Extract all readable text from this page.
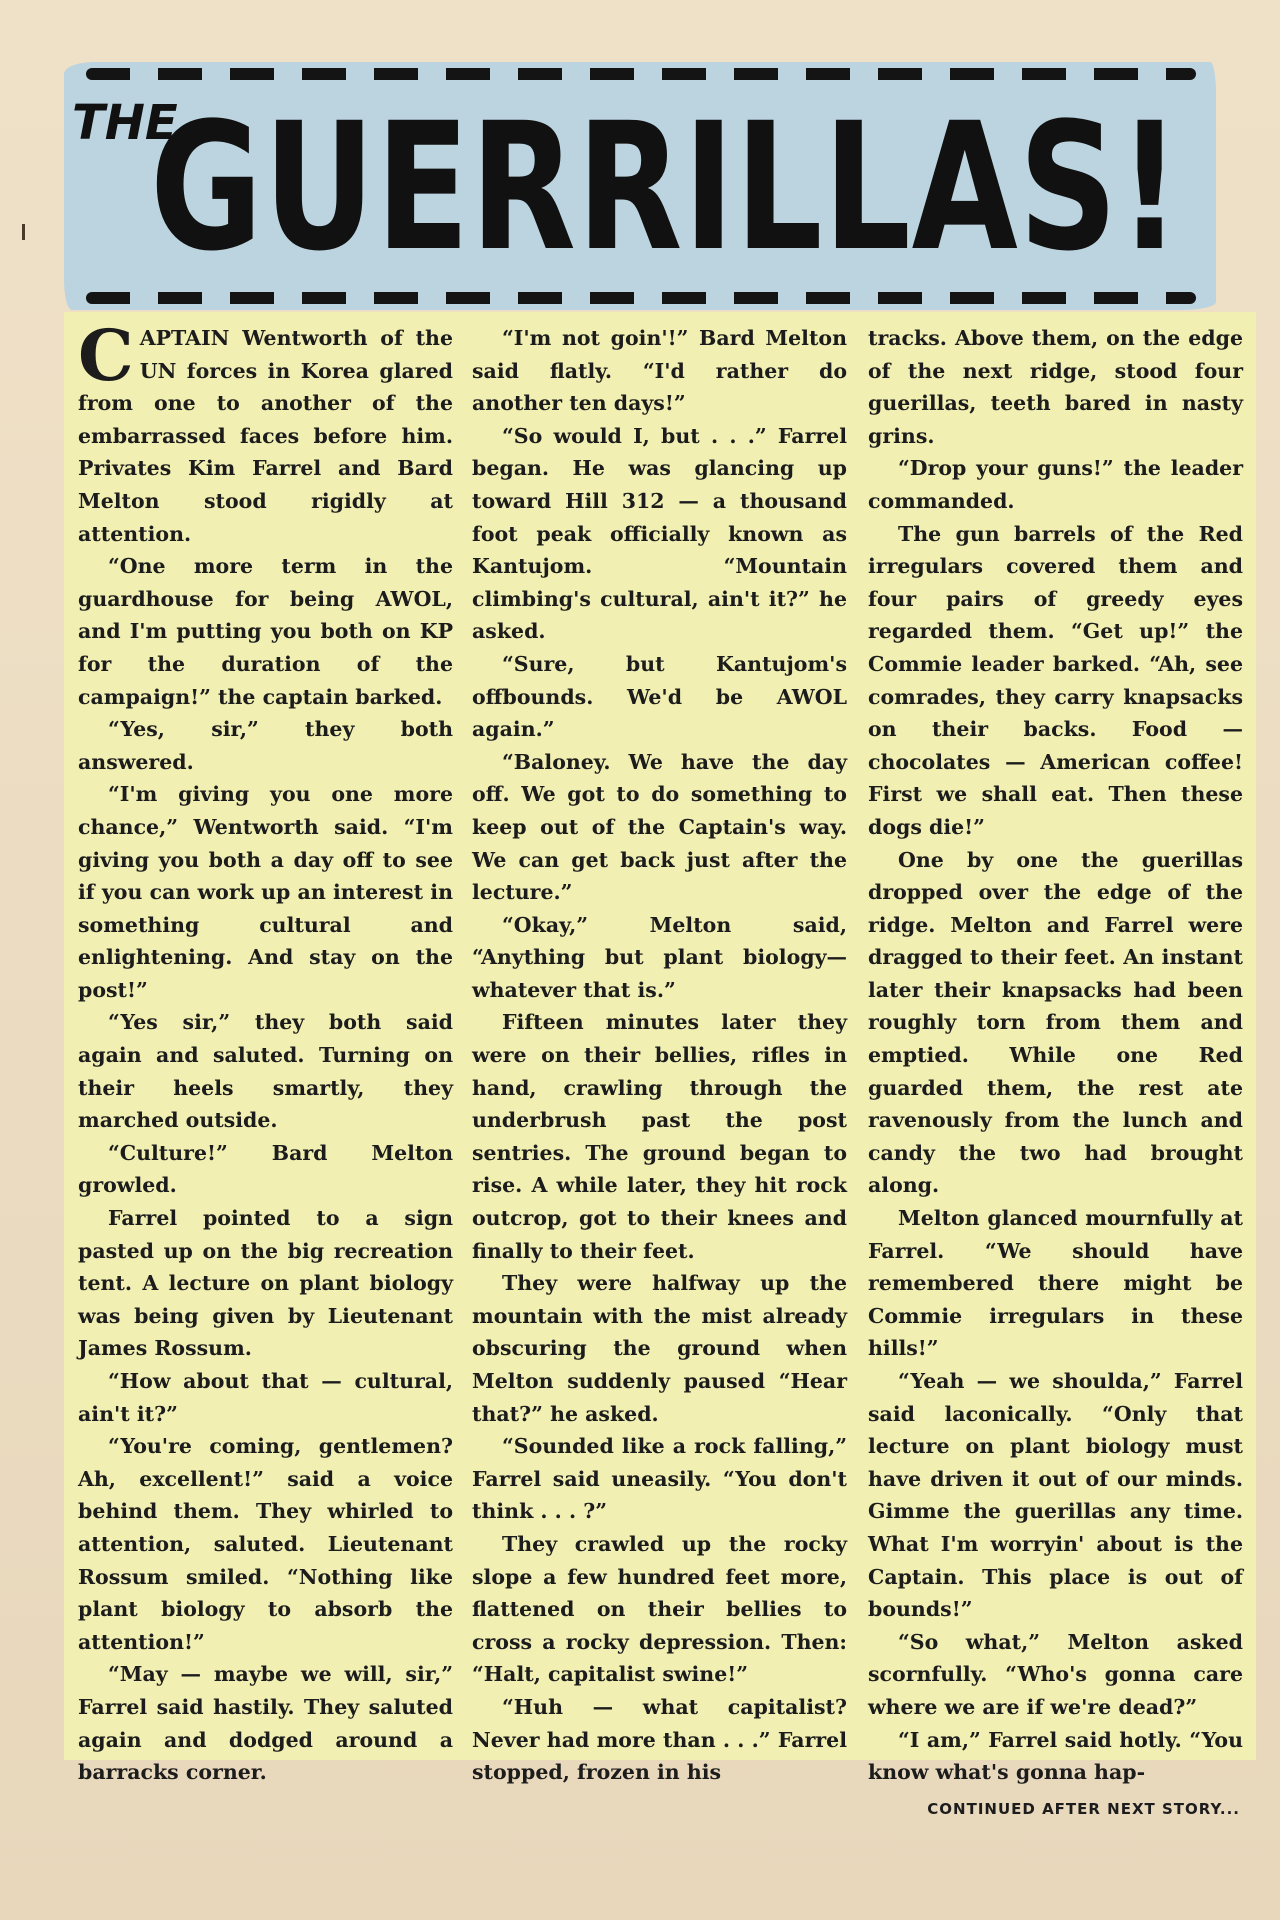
THE
GUERRILLAS!

CAPTAIN Wentworth of the UN forces in Korea glared from one to another of the embarrassed faces before him. Privates Kim Farrel and Bard Melton stood rigidly at attention.

“One more term in the guardhouse for being AWOL, and I'm putting you both on KP for the duration of the campaign!” the captain barked.

“Yes, sir,” they both answered.

“I'm giving you one more chance,” Wentworth said. “I'm giving you both a day off to see if you can work up an interest in something cultural and enlightening. And stay on the post!”

“Yes sir,” they both said again and saluted. Turning on their heels smartly, they marched outside.

“Culture!” Bard Melton growled.

Farrel pointed to a sign pasted up on the big recreation tent. A lecture on plant biology was being given by Lieutenant James Rossum.

“How about that — cultural, ain't it?”

“You're coming, gentlemen? Ah, excellent!” said a voice behind them. They whirled to attention, saluted. Lieutenant Rossum smiled. “Nothing like plant biology to absorb the attention!”

“May — maybe we will, sir,” Farrel said hastily. They saluted again and dodged around a barracks corner.

“I'm not goin'!” Bard Melton said flatly. “I'd rather do another ten days!”

“So would I, but . . .” Farrel began. He was glancing up toward Hill 312 — a thousand foot peak officially known as Kantujom. “Mountain climbing's cultural, ain't it?” he asked.

“Sure, but Kantujom's offbounds. We'd be AWOL again.”

“Baloney. We have the day off. We got to do something to keep out of the Captain's way. We can get back just after the lecture.”

“Okay,” Melton said, “Anything but plant biology—whatever that is.”

Fifteen minutes later they were on their bellies, rifles in hand, crawling through the underbrush past the post sentries. The ground began to rise. A while later, they hit rock outcrop, got to their knees and finally to their feet.

They were halfway up the mountain with the mist already obscuring the ground when Melton suddenly paused “Hear that?” he asked.

“Sounded like a rock falling,” Farrel said uneasily. “You don't think . . . ?”

They crawled up the rocky slope a few hundred feet more, flattened on their bellies to cross a rocky depression. Then: “Halt, capitalist swine!”

“Huh — what capitalist? Never had more than . . .” Farrel stopped, frozen in his

tracks. Above them, on the edge of the next ridge, stood four guerillas, teeth bared in nasty grins.

“Drop your guns!” the leader commanded.

The gun barrels of the Red irregulars covered them and four pairs of greedy eyes regarded them. “Get up!” the Commie leader barked. “Ah, see comrades, they carry knapsacks on their backs. Food — chocolates — American coffee! First we shall eat. Then these dogs die!”

One by one the guerillas dropped over the edge of the ridge. Melton and Farrel were dragged to their feet. An instant later their knapsacks had been roughly torn from them and emptied. While one Red guarded them, the rest ate ravenously from the lunch and candy the two had brought along.

Melton glanced mournfully at Farrel. “We should have remembered there might be Commie irregulars in these hills!”

“Yeah — we shoulda,” Farrel said laconically. “Only that lecture on plant biology must have driven it out of our minds. Gimme the guerillas any time. What I'm worryin' about is the Captain. This place is out of bounds!”

“So what,” Melton asked scornfully. “Who's gonna care where we are if we're dead?”

“I am,” Farrel said hotly. “You know what's gonna hap-

CONTINUED AFTER NEXT STORY...
